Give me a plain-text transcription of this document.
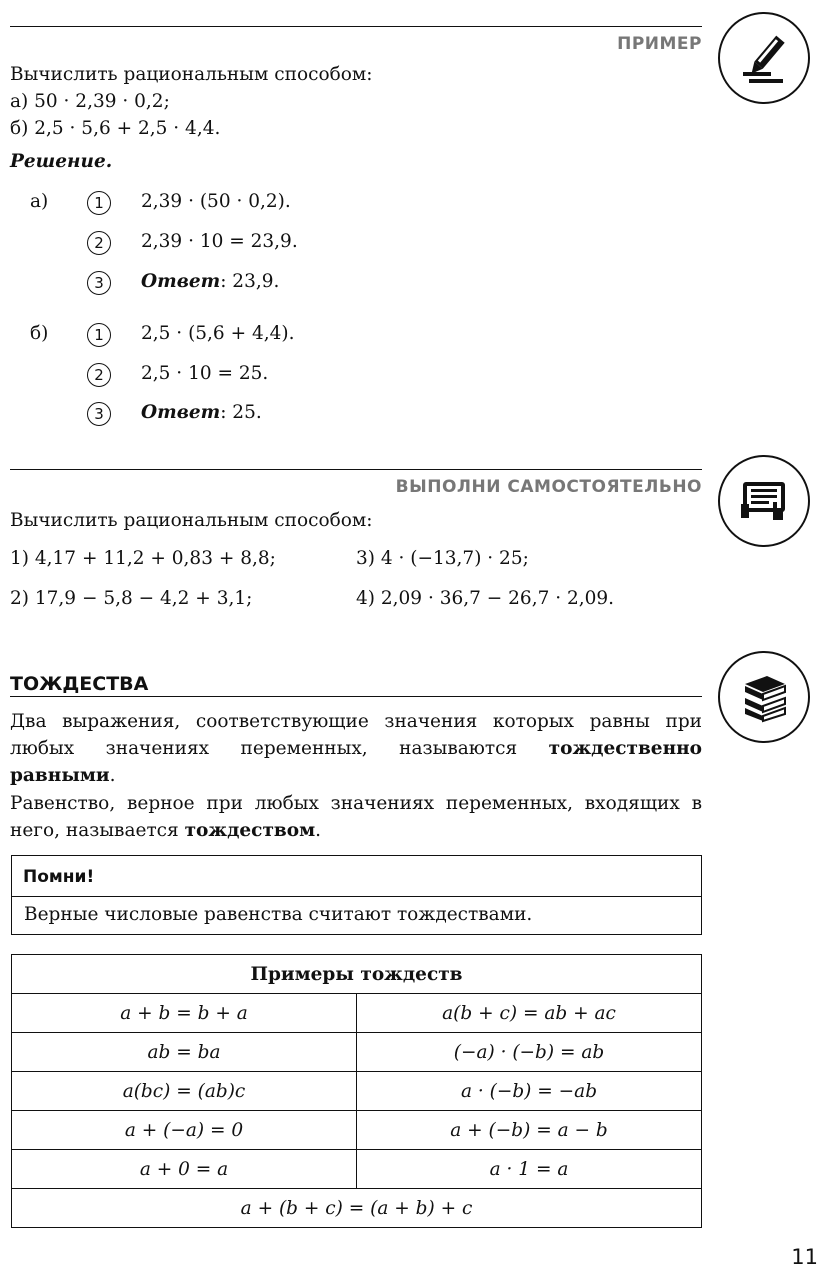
ПРИМЕР
Вычислить рациональным способом:
а) 50 · 2,39 · 0,2;
б) 2,5 · 5,6 + 2,5 · 4,4.
Решение.
а)	1	2,39 · (50 · 0,2).
2	2,39 · 10 = 23,9.
3	Ответ: 23,9.
б)	1	2,5 · (5,6 + 4,4).
2	2,5 · 10 = 25.
3	Ответ: 25.
ВЫПОЛНИ САМОСТОЯТЕЛЬНО
Вычислить рациональным способом:
1) 4,17 + 11,2 + 0,83 + 8,8;	3) 4 · (−13,7) · 25;
2) 17,9 − 5,8 − 4,2 + 3,1;	4) 2,09 · 36,7 − 26,7 · 2,09.
ТОЖДЕСТВА
Два выражения, соответствующие значения которых равны при любых значениях переменных, называются тождественно равными.
Равенство, верное при любых значениях переменных, входящих в него, называется тождеством.
Помни!
Верные числовые равенства считают тождествами.
Примеры тождеств	
a + b = b + a	a(b + c) = ab + ac
ab = ba	(−a) · (−b) = ab
a(bc) = (ab)c	a · (−b) = −ab
a + (−a) = 0	a + (−b) = a − b
a + 0 = a	a · 1 = a
a + (b + c) = (a + b) + c	
11
